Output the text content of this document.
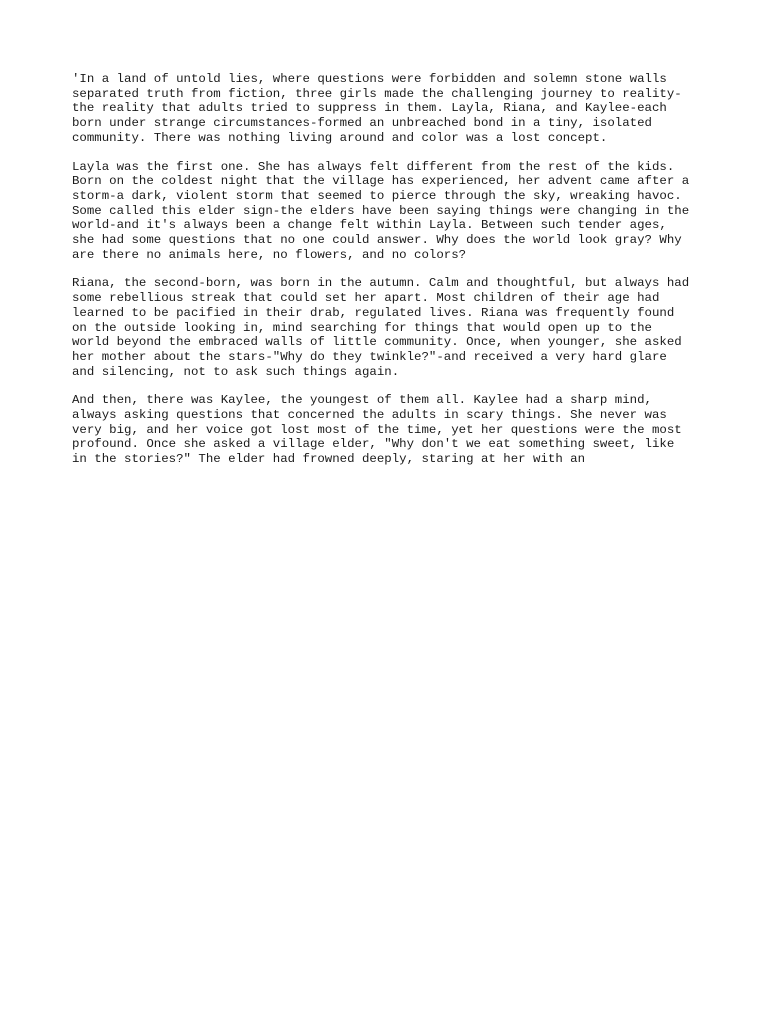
'In a land of untold lies, where questions were forbidden and solemn stone walls
separated truth from fiction, three girls made the challenging journey to reality-
the reality that adults tried to suppress in them. Layla, Riana, and Kaylee-each
born under strange circumstances-formed an unbreached bond in a tiny, isolated
community. There was nothing living around and color was a lost concept.
Layla was the first one. She has always felt different from the rest of the kids.
Born on the coldest night that the village has experienced, her advent came after a
storm-a dark, violent storm that seemed to pierce through the sky, wreaking havoc.
Some called this elder sign-the elders have been saying things were changing in the
world-and it's always been a change felt within Layla. Between such tender ages,
she had some questions that no one could answer. Why does the world look gray? Why
are there no animals here, no flowers, and no colors?
Riana, the second-born, was born in the autumn. Calm and thoughtful, but always had
some rebellious streak that could set her apart. Most children of their age had
learned to be pacified in their drab, regulated lives. Riana was frequently found
on the outside looking in, mind searching for things that would open up to the
world beyond the embraced walls of little community. Once, when younger, she asked
her mother about the stars-"Why do they twinkle?"-and received a very hard glare
and silencing, not to ask such things again.
And then, there was Kaylee, the youngest of them all. Kaylee had a sharp mind,
always asking questions that concerned the adults in scary things. She never was
very big, and her voice got lost most of the time, yet her questions were the most
profound. Once she asked a village elder, "Why don't we eat something sweet, like
in the stories?" The elder had frowned deeply, staring at her with an
